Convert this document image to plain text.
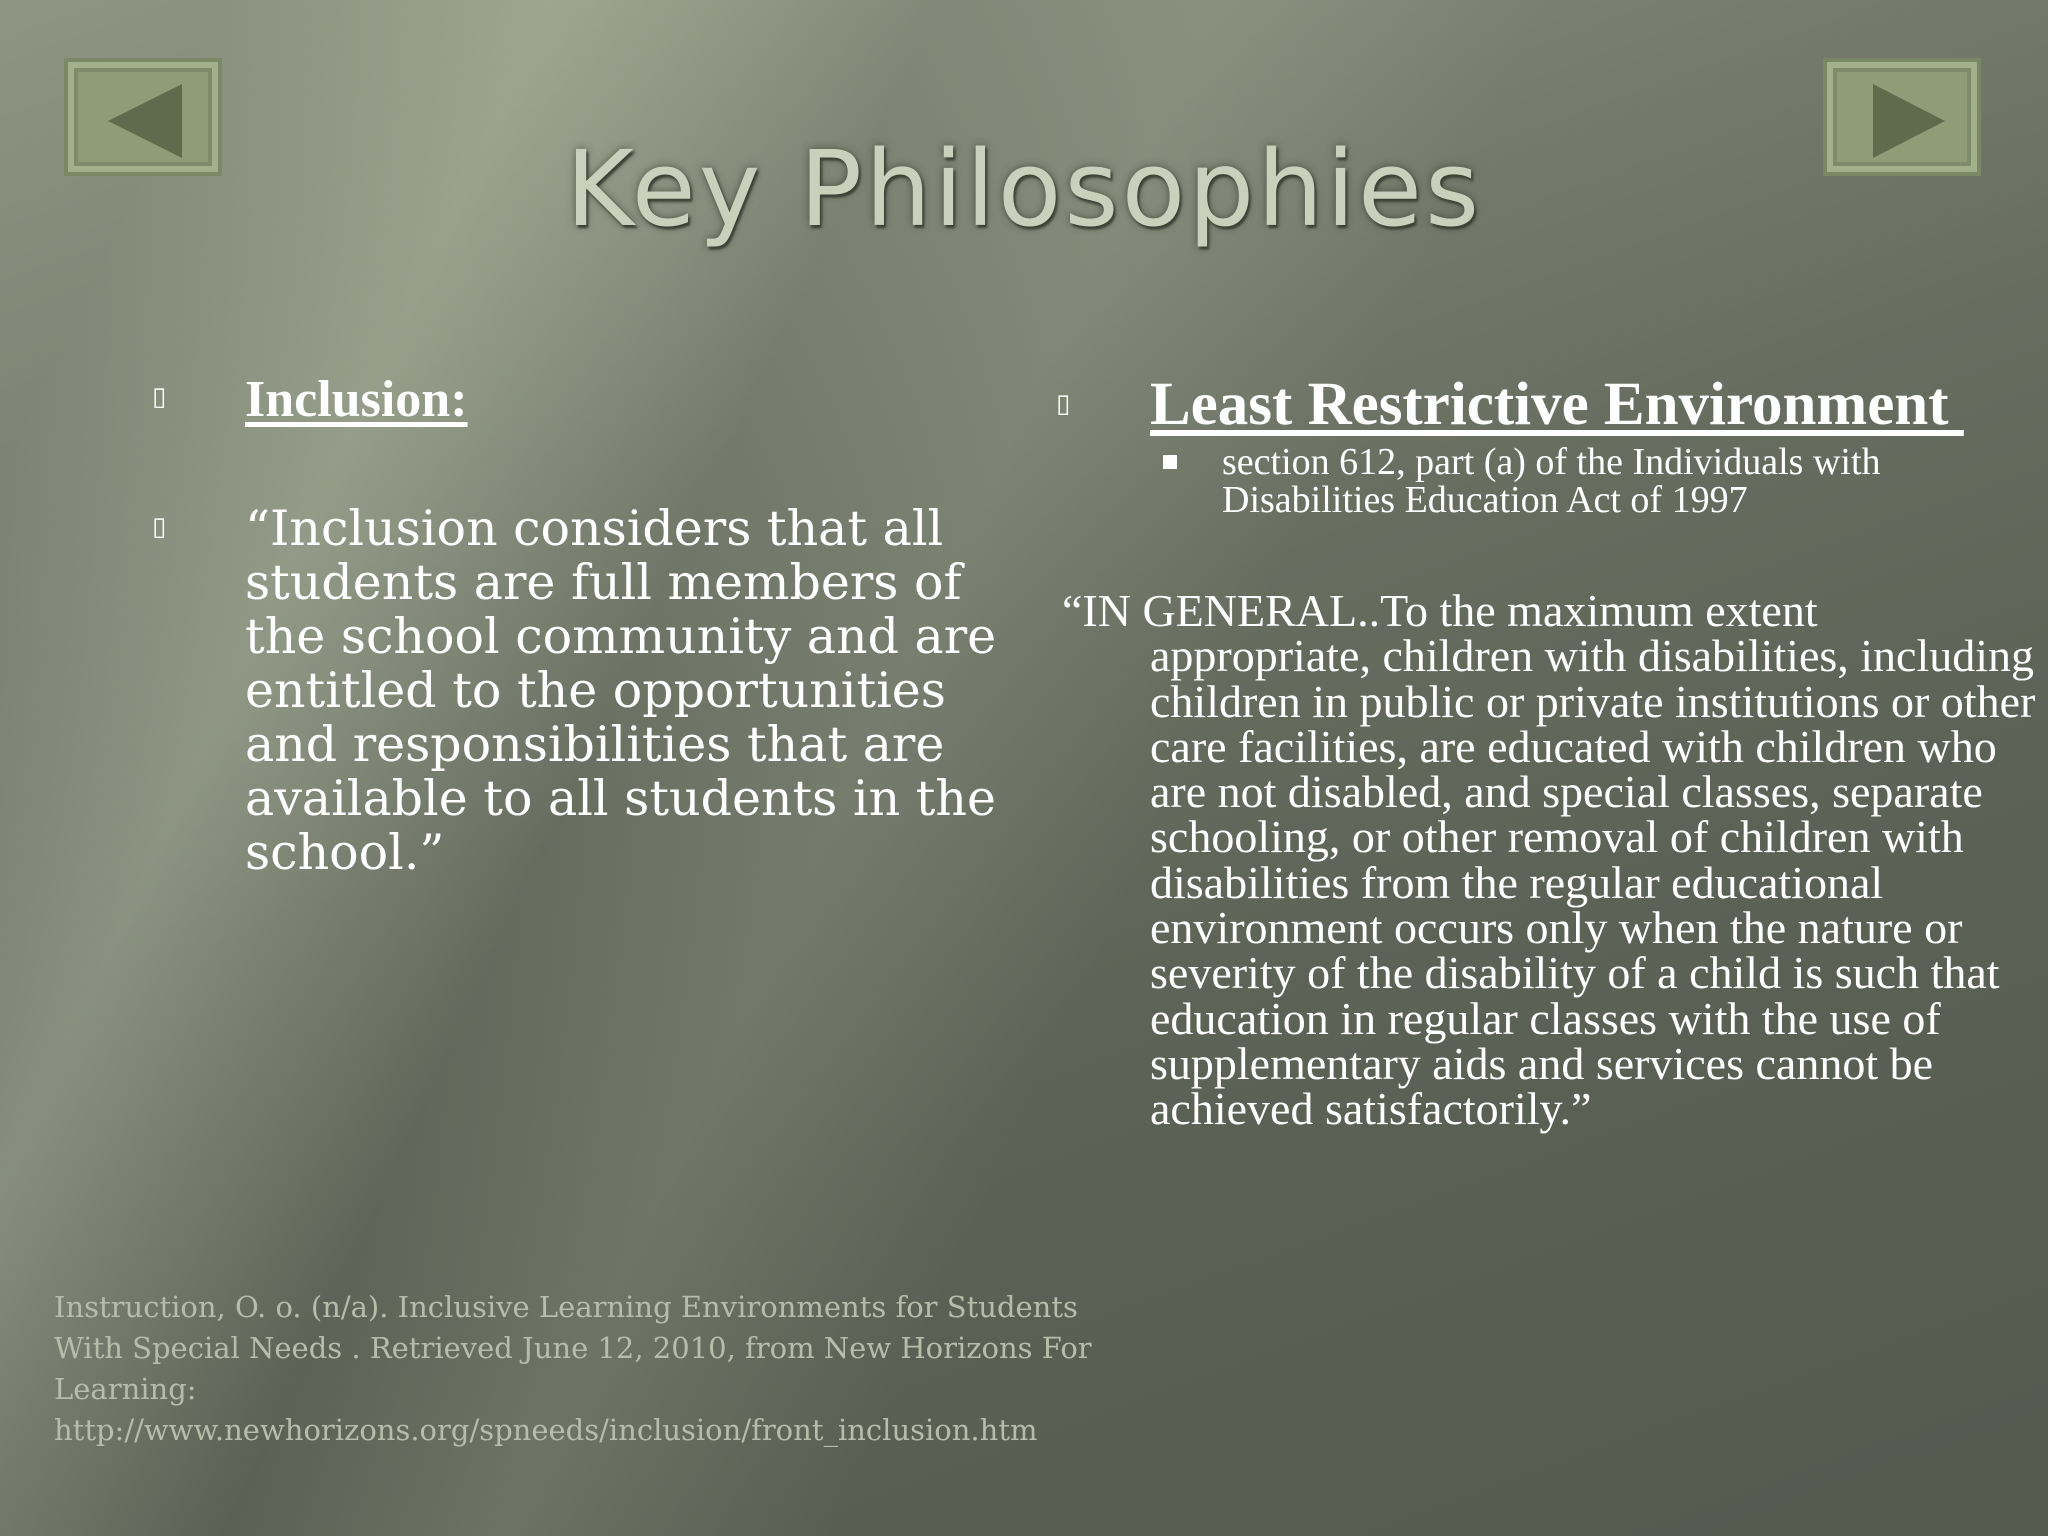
Key Philosophies
▯ Inclusion:
▯ “Inclusion considers that all students are full members of the school community and are entitled to the opportunities and responsibilities that are available to all students in the school.”
▯ Least Restrictive Environment
section 612, part (a) of the Individuals with Disabilities Education Act of 1997
“IN GENERAL..To the maximum extent appropriate, children with disabilities, including children in public or private institutions or other care facilities, are educated with children who are not disabled, and special classes, separate schooling, or other removal of children with disabilities from the regular educational environment occurs only when the nature or severity of the disability of a child is such that education in regular classes with the use of supplementary aids and services cannot be achieved satisfactorily.”
Instruction, O. o. (n/a). Inclusive Learning Environments for Students With Special Needs . Retrieved June 12, 2010, from New Horizons For Learning: http://www.newhorizons.org/spneeds/inclusion/front_inclusion.htm
